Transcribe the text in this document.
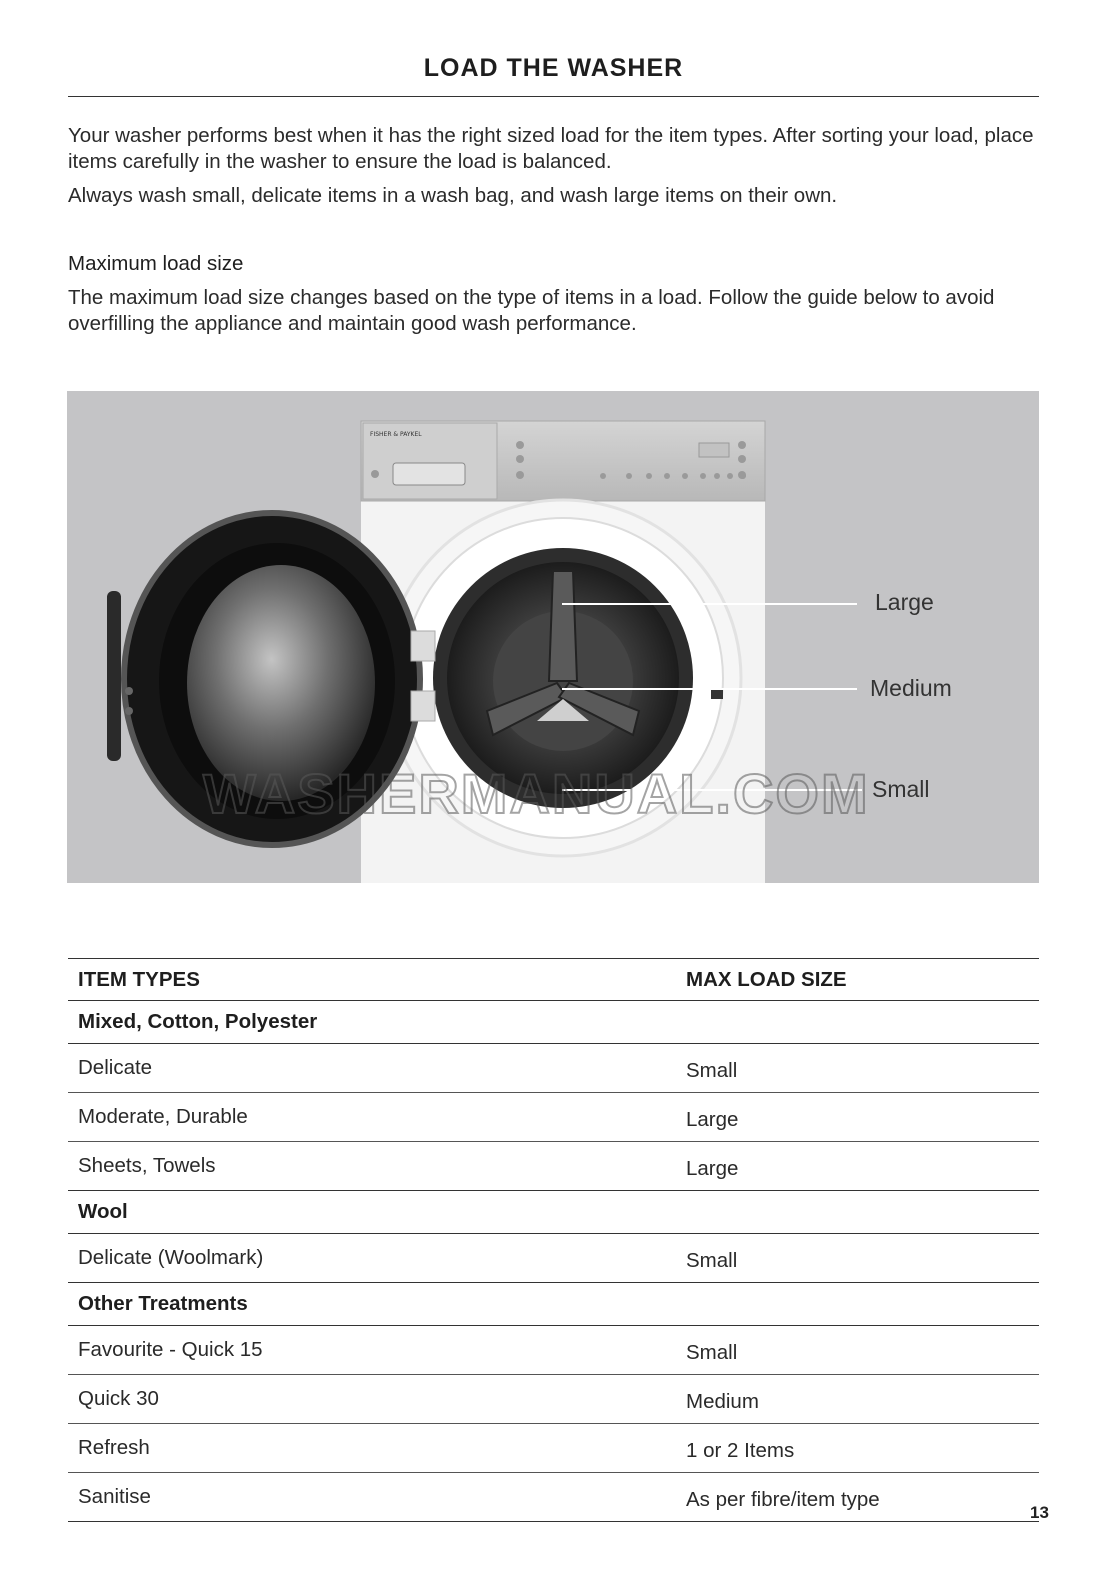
LOAD THE WASHER

Your washer performs best when it has the right sized load for the item types. After sorting your load, place items carefully in the washer to ensure the load is balanced.

Always wash small, delicate items in a wash bag, and wash large items on their own.

Maximum load size

The maximum load size changes based on the type of items in a load. Follow the guide below to avoid overfilling the appliance and maintain good wash performance.

FISHER & PAYKEL
Large
Medium
Small
WASHERMANUAL.COM
ITEM TYPES		MAX LOAD SIZE
Mixed, Cotton, Polyester		
Delicate		Small
Moderate, Durable		Large
Sheets, Towels		Large
Wool		
Delicate (Woolmark)		Small
Other Treatments		
Favourite - Quick 15		Small
Quick 30		Medium
Refresh		1 or 2 Items
Sanitise		As per fibre/item type
13
